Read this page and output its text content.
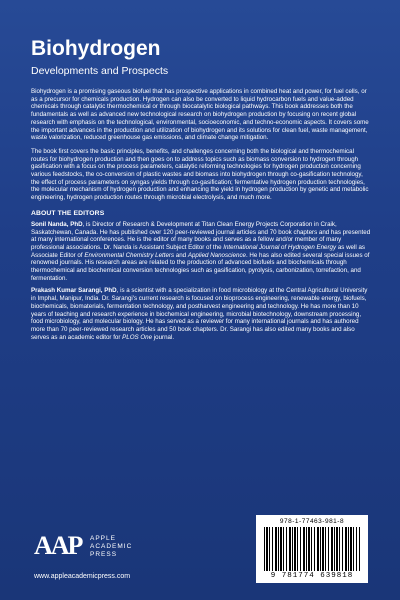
Biohydrogen
Developments and Prospects

Biohydrogen is a promising gaseous biofuel that has prospective applications in combined heat and power, for fuel cells, or as a precursor for chemicals production. Hydrogen can also be converted to liquid hydrocarbon fuels and value-added chemicals through catalytic thermochemical or through biocatalytic biological pathways. This book addresses both the fundamentals as well as advanced new technological research on biohydrogen production by focusing on recent global research with emphasis on the technological, environmental, socioeconomic, and techno-economic aspects. It covers some the important advances in the production and utilization of biohydrogen and its solutions for clean fuel, waste management, waste valorization, reduced greenhouse gas emissions, and climate change mitigation.

The book first covers the basic principles, benefits, and challenges concerning both the biological and thermochemical routes for biohydrogen production and then goes on to address topics such as biomass conversion to hydrogen through gasification with a focus on the process parameters, catalytic reforming technologies for hydrogen production concerning various feedstocks, the co-conversion of plastic wastes and biomass into biohydrogen through co-gasification technology, the effect of process parameters on syngas yields through co-gasification; fermentative hydrogen production technologies, the molecular mechanism of hydrogen production and enhancing the yield in hydrogen production by genetic and metabolic engineering, hydrogen production routes through microbial electrolysis, and much more.

ABOUT THE EDITORS

Sonil Nanda, PhD, is Director of Research & Development at Titan Clean Energy Projects Corporation in Craik, Saskatchewan, Canada. He has published over 120 peer-reviewed journal articles and 70 book chapters and has presented at many international conferences. He is the editor of many books and serves as a fellow and/or member of many professional associations. Dr. Nanda is Assistant Subject Editor of the International Journal of Hydrogen Energy as well as Associate Editor of Environmental Chemistry Letters and Applied Nanoscience. He has also edited several special issues of renowned journals. His research areas are related to the production of advanced biofuels and biochemicals through thermochemical and biochemical conversion technologies such as gasification, pyrolysis, carbonization, torrefaction, and fermentation.

Prakash Kumar Sarangi, PhD, is a scientist with a specialization in food microbiology at the Central Agricultural University in Imphal, Manipur, India. Dr. Sarangi's current research is focused on bioprocess engineering, renewable energy, biofuels, biochemicals, biomaterials, fermentation technology, and postharvest engineering and technology. He has more than 10 years of teaching and research experience in biochemical engineering, microbial biotechnology, downstream processing, food microbiology, and molecular biology. He has served as a reviewer for many international journals and has authored more than 70 peer-reviewed research articles and 50 book chapters. Dr. Sarangi has also edited many books and also serves as an academic editor for PLOS One journal.

AAP APPLE
ACADEMIC
PRESS
www.appleacademicpress.com
978-1-77463-981-8
9 781774 639818
